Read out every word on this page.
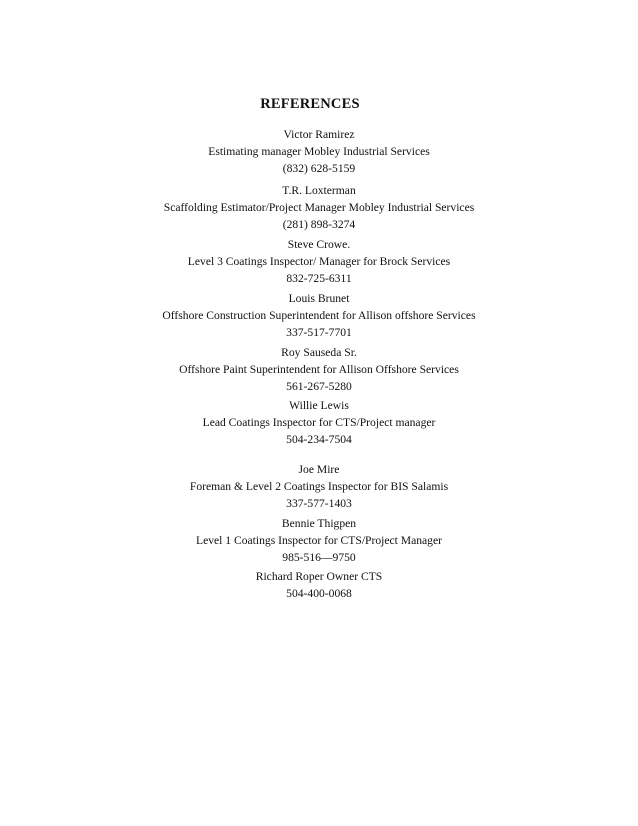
REFERENCES
Victor Ramirez
Estimating manager Mobley Industrial Services
(832) 628-5159
T.R. Loxterman
Scaffolding Estimator/Project Manager Mobley Industrial Services
(281) 898-3274
Steve Crowe.
Level 3 Coatings Inspector/ Manager for Brock Services
832-725-6311
Louis Brunet
Offshore Construction Superintendent for Allison offshore Services
337-517-7701
Roy Sauseda Sr.
Offshore Paint Superintendent for Allison Offshore Services
561-267-5280
Willie Lewis
Lead Coatings Inspector for CTS/Project manager
504-234-7504
Joe Mire
Foreman & Level 2 Coatings Inspector for BIS Salamis
337-577-1403
Bennie Thigpen
Level 1 Coatings Inspector for CTS/Project Manager
985-516—9750
Richard Roper Owner CTS
504-400-0068
